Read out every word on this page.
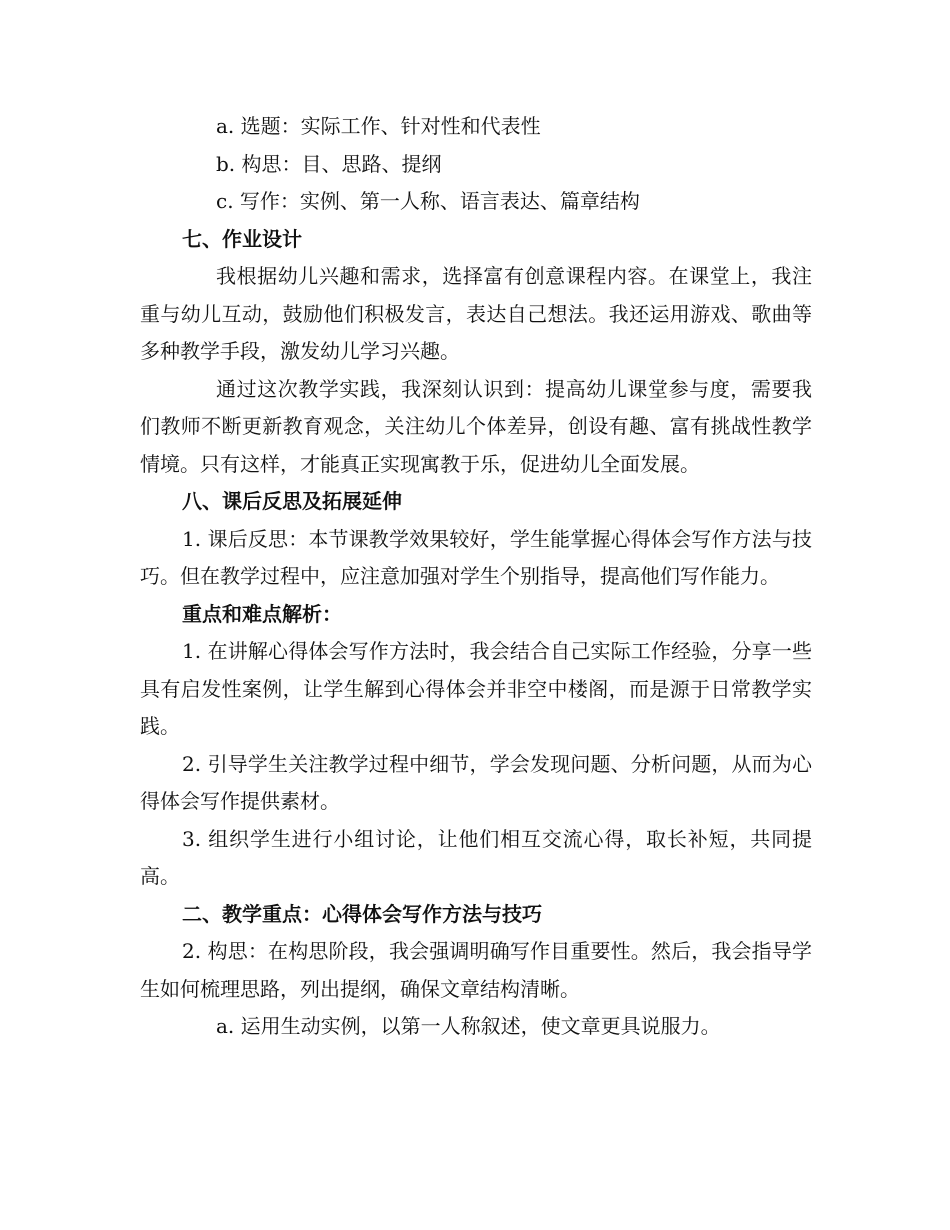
a. 选题：实际工作、针对性和代表性

b. 构思：目、思路、提纲

c. 写作：实例、第一人称、语言表达、篇章结构

七、作业设计

我根据幼儿兴趣和需求，选择富有创意课程内容。在课堂上，我注重与幼儿互动，鼓励他们积极发言，表达自己想法。我还运用游戏、歌曲等多种教学手段，激发幼儿学习兴趣。

通过这次教学实践，我深刻认识到：提高幼儿课堂参与度，需要我们教师不断更新教育观念，关注幼儿个体差异，创设有趣、富有挑战性教学情境。只有这样，才能真正实现寓教于乐，促进幼儿全面发展。

八、课后反思及拓展延伸

1. 课后反思：本节课教学效果较好，学生能掌握心得体会写作方法与技巧。但在教学过程中，应注意加强对学生个别指导，提高他们写作能力。

重点和难点解析：

1. 在讲解心得体会写作方法时，我会结合自己实际工作经验，分享一些具有启发性案例，让学生解到心得体会并非空中楼阁，而是源于日常教学实践。

2. 引导学生关注教学过程中细节，学会发现问题、分析问题，从而为心得体会写作提供素材。

3. 组织学生进行小组讨论，让他们相互交流心得，取长补短，共同提高。

二、教学重点：心得体会写作方法与技巧

2. 构思：在构思阶段，我会强调明确写作目重要性。然后，我会指导学生如何梳理思路，列出提纲，确保文章结构清晰。

a. 运用生动实例，以第一人称叙述，使文章更具说服力。
